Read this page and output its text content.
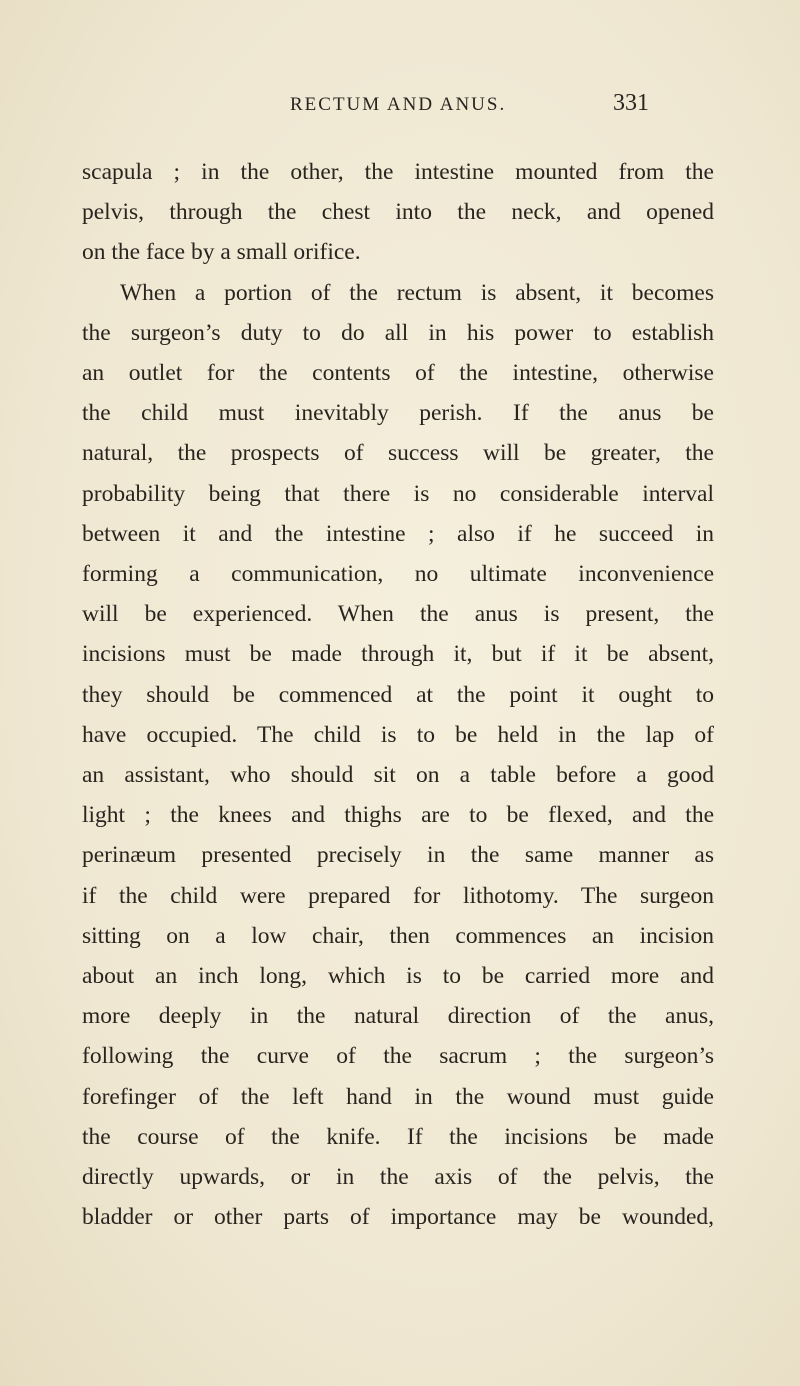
RECTUM AND ANUS.	331
scapula ; in the other, the intestine mounted from the
pelvis, through the chest into the neck, and opened
on the face by a small orifice.
When a portion of the rectum is absent, it becomes
the surgeon’s duty to do all in his power to establish
an outlet for the contents of the intestine, otherwise
the child must inevitably perish. If the anus be
natural, the prospects of success will be greater, the
probability being that there is no considerable interval
between it and the intestine ; also if he succeed in
forming a communication, no ultimate inconvenience
will be experienced. When the anus is present, the
incisions must be made through it, but if it be absent,
they should be commenced at the point it ought to
have occupied. The child is to be held in the lap of
an assistant, who should sit on a table before a good
light ; the knees and thighs are to be flexed, and the
perinæum presented precisely in the same manner as
if the child were prepared for lithotomy. The surgeon
sitting on a low chair, then commences an incision
about an inch long, which is to be carried more and
more deeply in the natural direction of the anus,
following the curve of the sacrum ; the surgeon’s
forefinger of the left hand in the wound must guide
the course of the knife. If the incisions be made
directly upwards, or in the axis of the pelvis, the
bladder or other parts of importance may be wounded,
